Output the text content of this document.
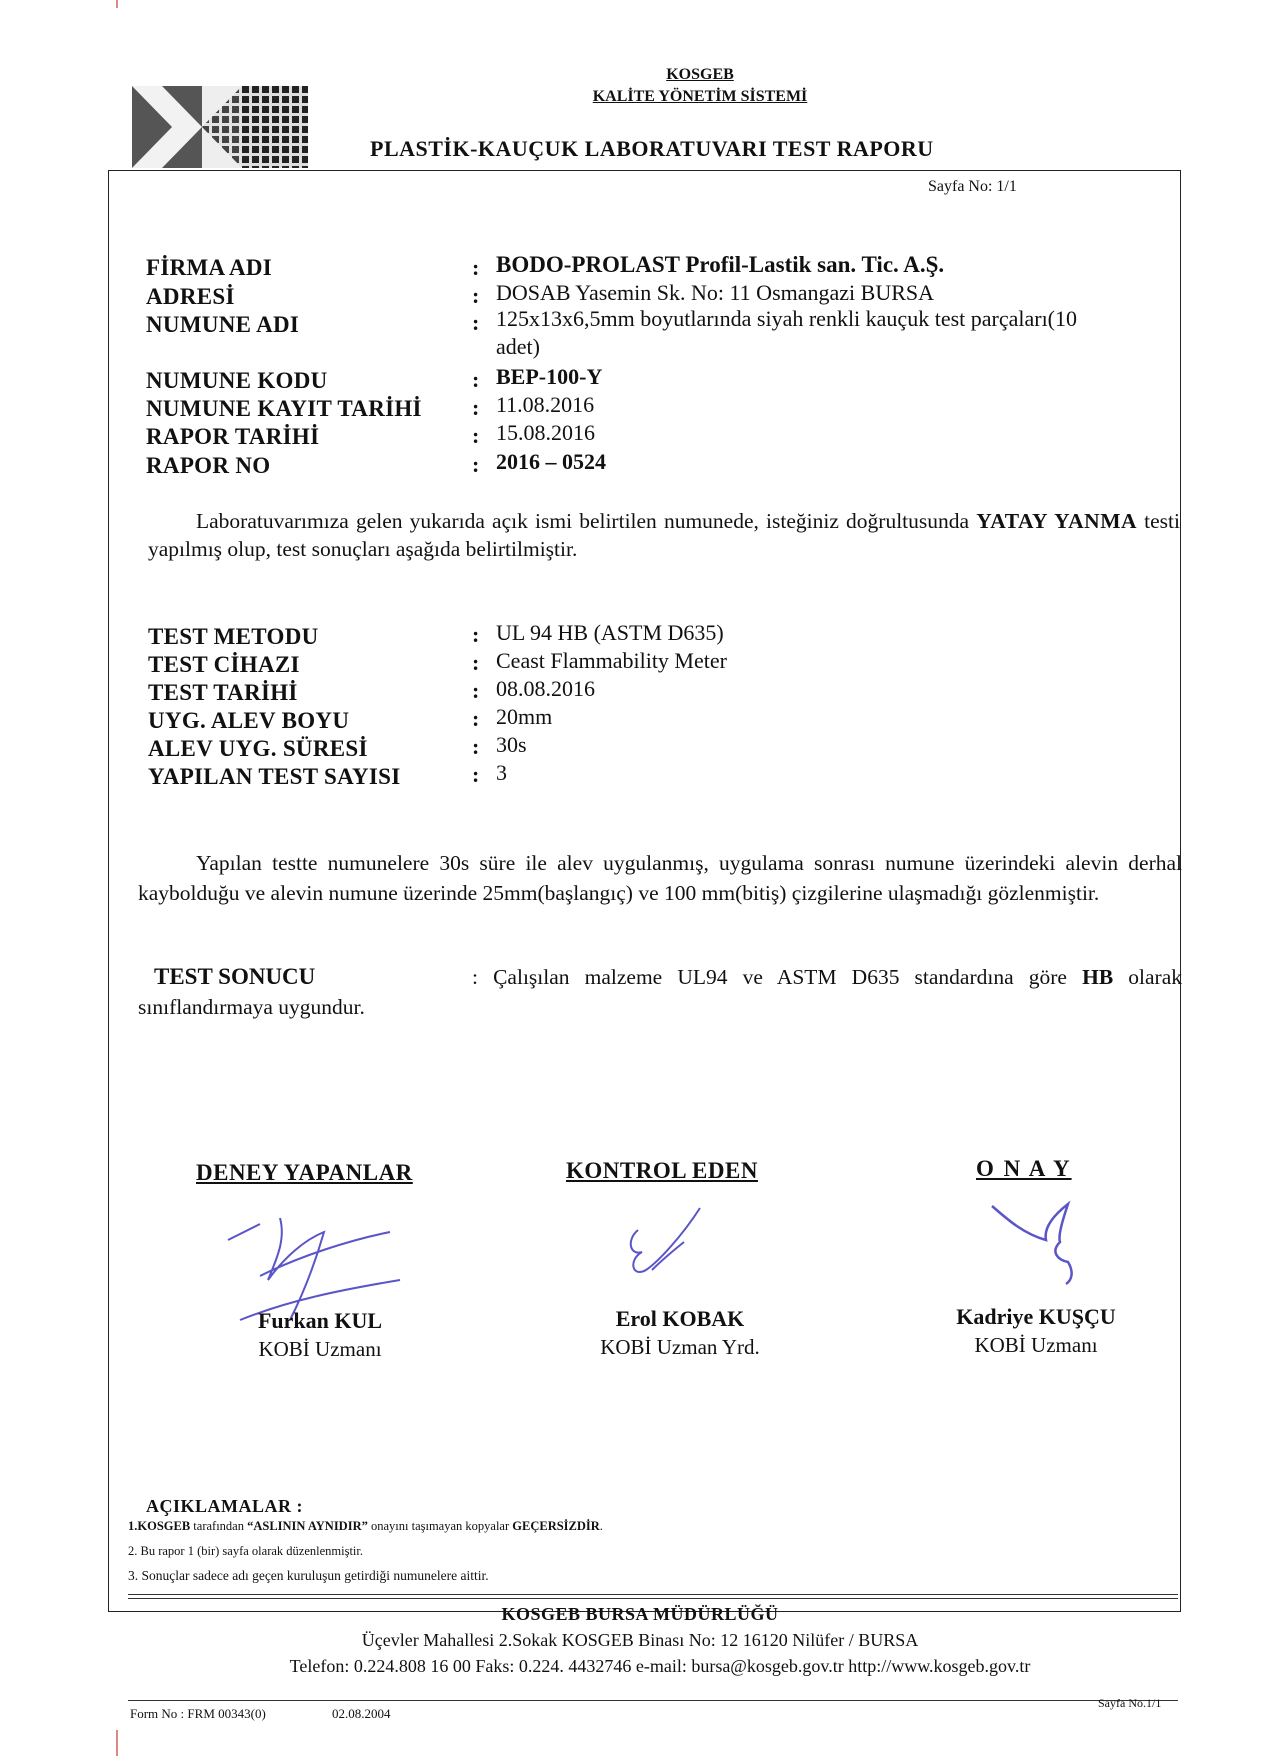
KOSGEB
KALİTE YÖNETİM SİSTEMİ
PLASTİK-KAUÇUK LABORATUVARI TEST RAPORU
Sayfa No: 1/1
FİRMA ADI	: BODO-PROLAST Profil-Lastik san. Tic. A.Ş.
ADRESİ	: DOSAB Yasemin Sk. No: 11 Osmangazi BURSA
NUMUNE ADI	: 125x13x6,5mm boyutlarında siyah renkli kauçuk test parçaları(10
adet)
NUMUNE KODU	: BEP-100-Y
NUMUNE KAYIT TARİHİ : 11.08.2016
RAPOR TARİHİ	: 15.08.2016
RAPOR NO	: 2016 – 0524
Laboratuvarımıza gelen yukarıda açık ismi belirtilen numunede, isteğiniz doğrultusunda YATAY YANMA testi yapılmış olup, test sonuçları aşağıda belirtilmiştir.
TEST METODU	: UL 94 HB (ASTM D635)
TEST CİHAZI	: Ceast Flammability Meter
TEST TARİHİ	: 08.08.2016
UYG. ALEV BOYU	: 20mm
ALEV UYG. SÜRESİ	: 30s
YAPILAN TEST SAYISI	: 3
Yapılan testte numunelere 30s süre ile alev uygulanmış, uygulama sonrası numune üzerindeki alevin derhal kaybolduğu ve alevin numune üzerinde 25mm(başlangıç) ve 100 mm(bitiş) çizgilerine ulaşmadığı gözlenmiştir.
TEST SONUCU	: Çalışılan malzeme UL94 ve ASTM D635 standardına göre HB olarak sınıflandırmaya uygundur.
DENEY YAPANLAR	KONTROL EDEN	O N A Y
Furkan KUL
KOBİ Uzmanı
Erol KOBAK
KOBİ Uzman Yrd.
Kadriye KUŞÇU
KOBİ Uzmanı
AÇIKLAMALAR :
1.KOSGEB tarafından “ASLININ AYNIDIR” onayını taşımayan kopyalar GEÇERSİZDİR.
2. Bu rapor 1 (bir) sayfa olarak düzenlenmiştir.
3. Sonuçlar sadece adı geçen kuruluşun getirdiği numunelere aittir.
KOSGEB BURSA MÜDÜRLÜĞÜ
Üçevler Mahallesi 2.Sokak KOSGEB Binası No: 12 16120 Nilüfer / BURSA
Telefon: 0.224.808 16 00 Faks: 0.224. 4432746 e-mail: bursa@kosgeb.gov.tr http://www.kosgeb.gov.tr
Form No : FRM 00343(0)	02.08.2004
Sayfa No.1/1
